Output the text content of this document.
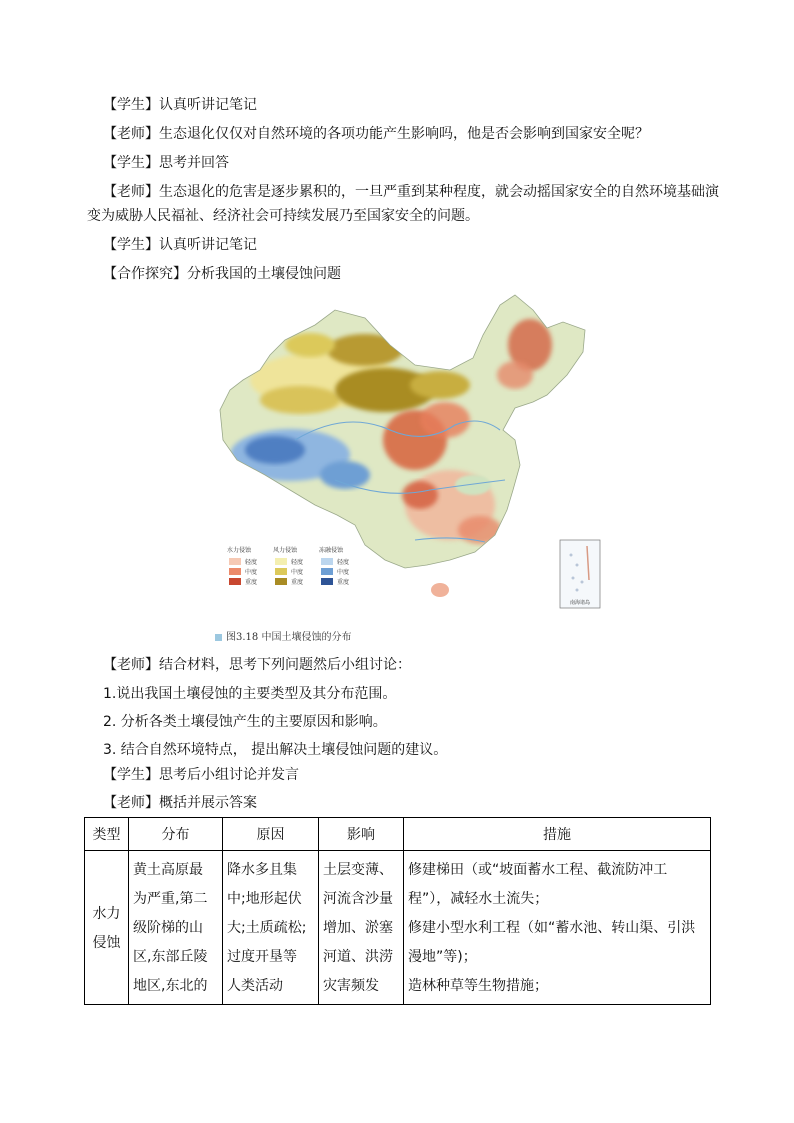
【学生】认真听讲记笔记
【老师】生态退化仅仅对自然环境的各项功能产生影响吗，他是否会影响到国家安全呢？
【学生】思考并回答
【老师】生态退化的危害是逐步累积的，一旦严重到某种程度，就会动摇国家安全的自然环境基础演
变为威胁人民福祉、经济社会可持续发展乃至国家安全的问题。
【学生】认真听讲记笔记
【合作探究】分析我国的土壤侵蚀问题
南海诸岛
水力侵蚀
轻度
中度
重度
风力侵蚀
轻度
中度
重度
冻融侵蚀
轻度
中度
重度
图3.18 中国土壤侵蚀的分布
【老师】结合材料，思考下列问题然后小组讨论：
1.说出我国土壤侵蚀的主要类型及其分布范围。
2. 分析各类土壤侵蚀产生的主要原因和影响。
3. 结合自然环境特点， 提出解决土壤侵蚀问题的建议。
【学生】思考后小组讨论并发言
【老师】概括并展示答案
类型	分布	原因	影响	措施

水力
侵蚀	黄土高原最
为严重,第二
级阶梯的山
区,东部丘陵
地区,东北的	降水多且集
中;地形起伏
大;土质疏松;
过度开垦等
人类活动	土层变薄、
河流含沙量
增加、淤塞
河道、洪涝
灾害频发	修建梯田（或“坡面蓄水工程、截流防冲工
程”），减轻水土流失；
修建小型水利工程（如“蓄水池、转山渠、引洪
漫地”等)；
造林种草等生物措施；
